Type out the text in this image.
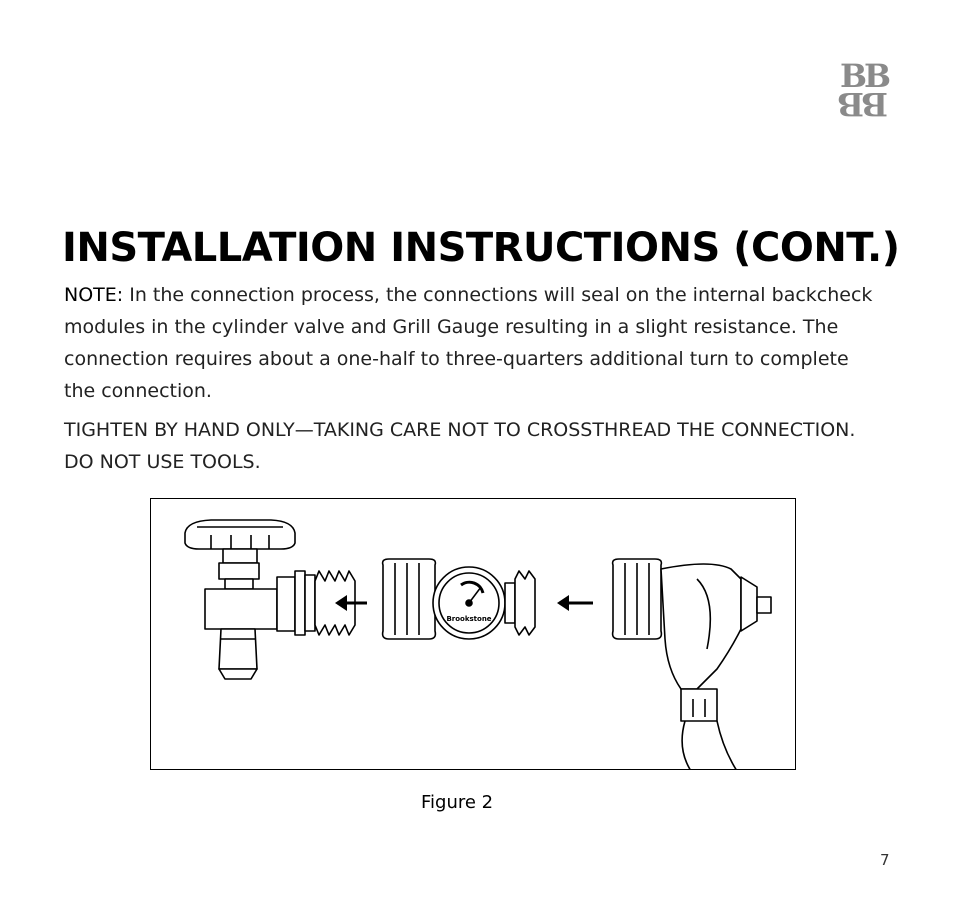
BB
BB
INSTALLATION INSTRUCTIONS (CONT.)

NOTE: In the connection process, the connections will seal on the internal backcheck modules in the cylinder valve and Grill Gauge resulting in a slight resistance. The connection requires about a one-half to three-quarters additional turn to complete the connection.

TIGHTEN BY HAND ONLY—TAKING CARE NOT TO CROSSTHREAD THE CONNECTION. DO NOT USE TOOLS.

Brookstone
Figure 2
7
